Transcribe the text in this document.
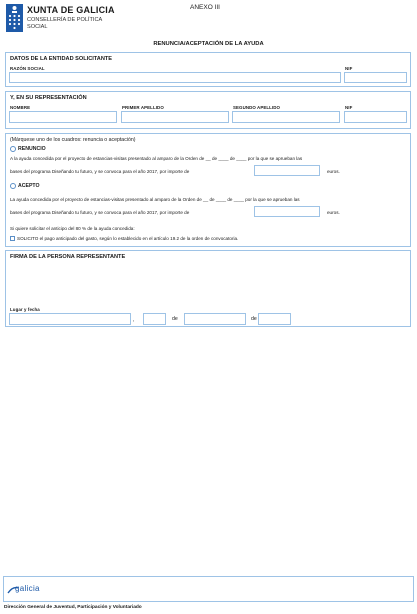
XUNTA DE GALICIA
CONSELLERÍA DE POLÍTICA
SOCIAL
ANEXO III
RENUNCIA/ACEPTACIÓN DE LA AYUDA
DATOS DE LA ENTIDAD SOLICITANTE
RAZÓN SOCIAL	NIF
Y, EN SU REPRESENTACIÓN
NOMBRE	PRIMER APELLIDO	SEGUNDO APELLIDO	NIF
(Márquese uno de los cuadros: renuncia o aceptación)
RENUNCIO
A la ayuda concedida por el proyecto de estancias-visitas presentado al amparo de la Orden de __ de ____ de ____ por la que se aprueban las
bases del programa Diseñando tu futuro, y se convoca para el año 2017, por importe de	euros.
ACEPTO
La ayuda concedida por el proyecto de estancias-visitas presentado al amparo de la Orden de __ de ____ de ____ por la que se aprueban las
bases del programa Diseñando tu futuro, y se convoca para el año 2017, por importe de	euros.
Si quiere solicitar el anticipo del 80 % de la ayuda concedida:
SOLICITO el pago anticipado del gasto, según lo establecido en el artículo 19.2 de la orden de convocatoria.
FIRMA DE LA PERSONA REPRESENTANTE
Lugar y fecha
,	de	de
galicia
Dirección General de Juventud, Participación y Voluntariado
